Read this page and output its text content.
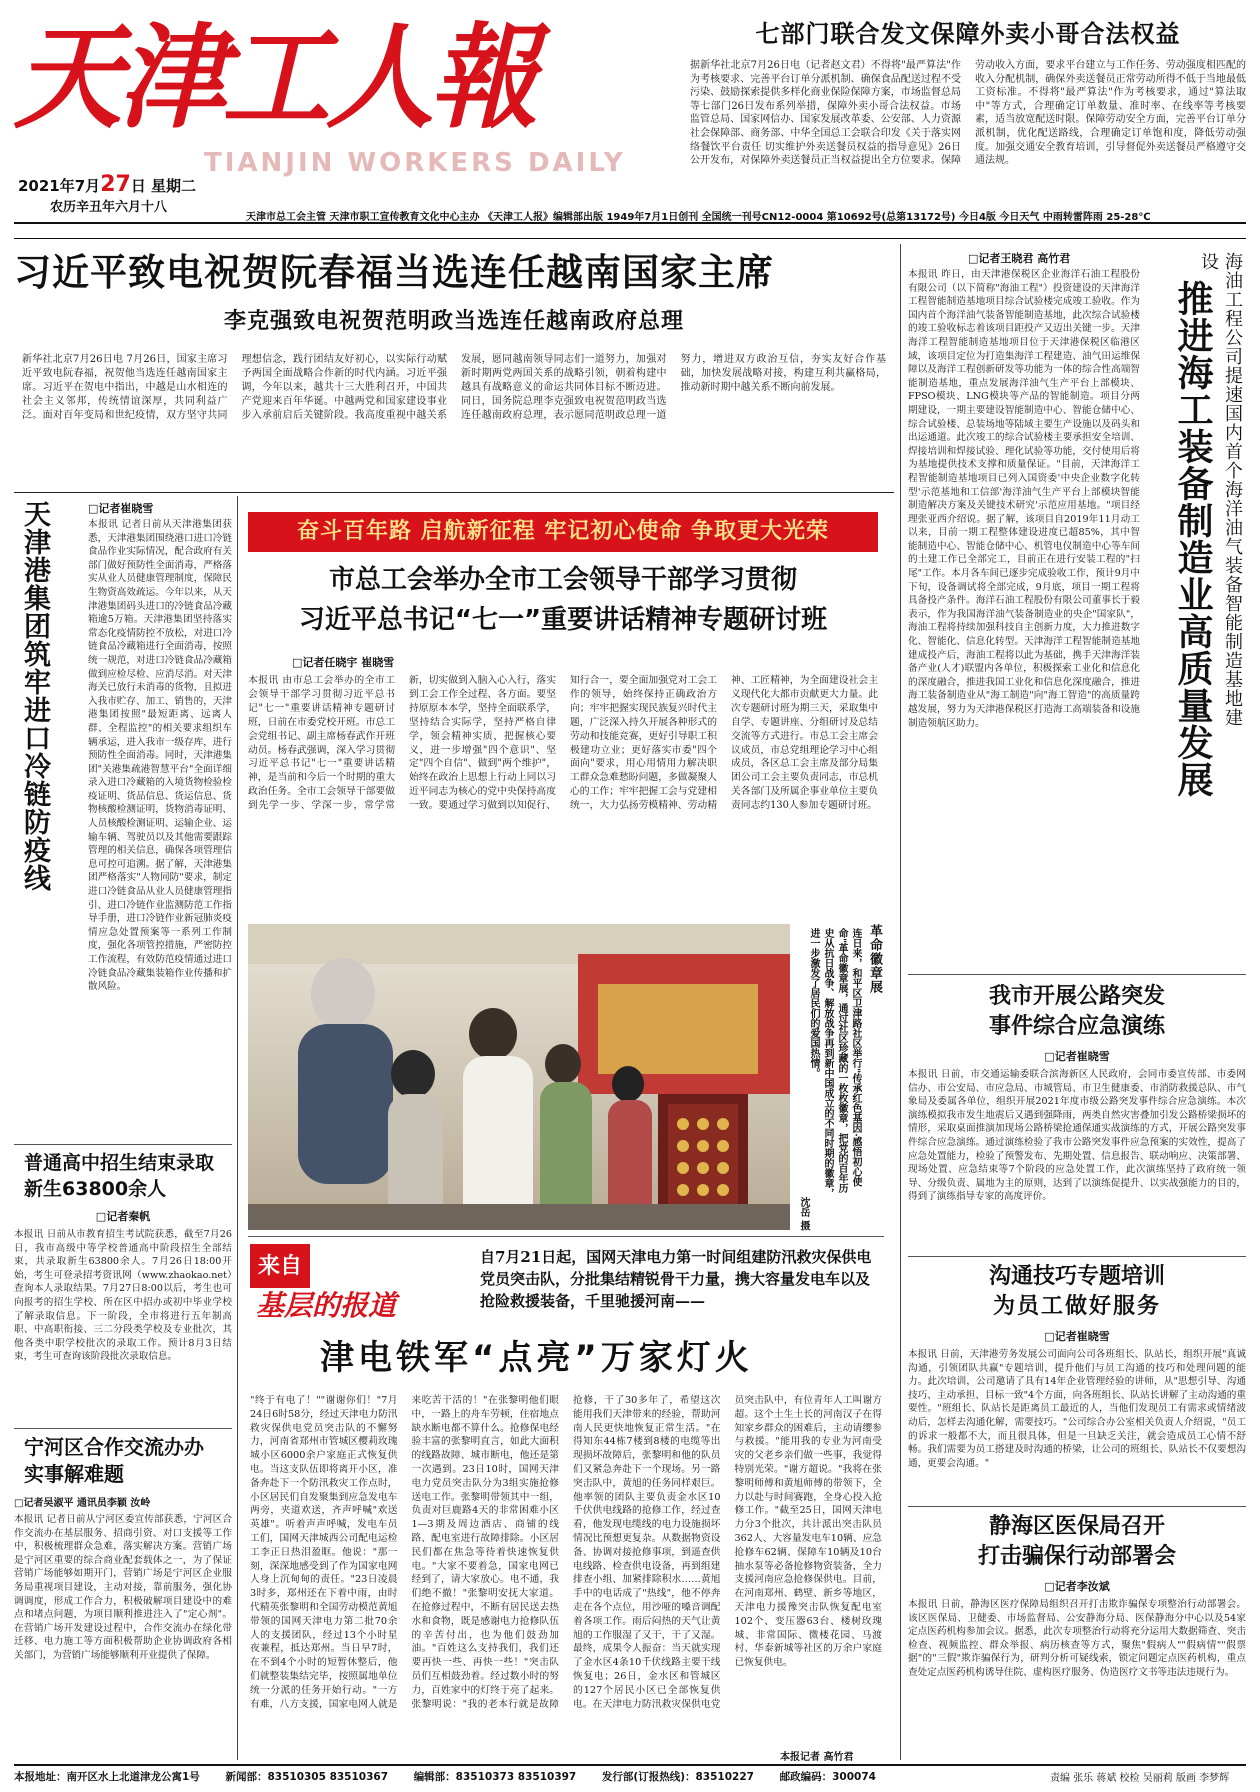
天津工人報
TIANJIN WORKERS DAILY
2021年7月27日 星期二
农历辛丑年六月十八
七部门联合发文保障外卖小哥合法权益
据新华社北京7月26日电（记者赵文君）不得将"最严算法"作为考核要求、完善平台订单分派机制、确保食品配送过程不受污染、鼓励探索提供多样化商业保险保障方案，市场监督总局等七部门26日发布系列举措，保障外卖小哥合法权益。市场监管总局、国家网信办、国家发展改革委、公安部、人力资源社会保障部、商务部、中华全国总工会联合印发《关于落实网络餐饮平台责任 切实维护外卖送餐员权益的指导意见》26日公开发布，对保障外卖送餐员正当权益提出全方位要求。保障劳动收入方面，要求平台建立与工作任务、劳动强度相匹配的收入分配机制，确保外卖送餐员正常劳动所得不低于当地最低工资标准。不得将"最严算法"作为考核要求，通过"算法取中"等方式，合理确定订单数量、准时率、在线率等考核要素，适当放宽配送时限。保障劳动安全方面，完善平台订单分派机制，优化配送路线，合理确定订单饱和度，降低劳动强度。加强交通安全教育培训，引导督促外卖送餐员严格遵守交通法规。
天津市总工会主管 天津市职工宣传教育文化中心主办 《天津工人报》编辑部出版 1949年7月1日创刊 全国统一刊号CN12-0004 第10692号(总第13172号) 今日4版 今日天气 中雨转雷阵雨 25-28℃
习近平致电祝贺阮春福当选连任越南国家主席
李克强致电祝贺范明政当选连任越南政府总理
新华社北京7月26日电 7月26日，国家主席习近平致电阮春福，祝贺他当选连任越南国家主席。习近平在贺电中指出，中越是山水相连的社会主义邻邦，传统情谊深厚，共同利益广泛。面对百年变局和世纪疫情，双方坚守共同理想信念，践行团结友好初心，以实际行动赋予两国全面战略合作新的时代内涵。习近平强调，今年以来，越共十三大胜利召开，中国共产党迎来百年华诞。中越两党和国家建设事业步入承前启后关键阶段。我高度重视中越关系发展，愿同越南领导同志们一道努力，加强对新时期两党两国关系的战略引领，朝着构建中越具有战略意义的命运共同体目标不断迈进。同日，国务院总理李克强致电祝贺范明政当选连任越南政府总理，表示愿同范明政总理一道努力，增进双方政治互信，夯实友好合作基础，加快发展战略对接，构建互利共赢格局，推动新时期中越关系不断向前发展。
天津港集团筑牢进口冷链防疫线	□记者崔晓雪
本报讯 记者日前从天津港集团获悉，天津港集团围绕港口进口冷链食品作业实际情况，配合政府有关部门做好预防性全面消毒，严格落实从业人员健康管理制度，保障民生物资高效疏运。今年以来，从天津港集团码头进口的冷链食品冷藏箱逾5万箱。天津港集团坚持落实常态化疫情防控不放松，对进口冷链食品冷藏箱进行全面消毒，按照统一规范，对进口冷链食品冷藏箱做到应检尽检、应消尽消。对天津海关已放行未消毒的货物，且拟进入我市贮存、加工、销售的，天津港集团按照"最短距离、远离人群、全程监控"的相关要求组织车辆承运，进入我市一级存库，进行预防性全面消毒。同时，天津港集团"关港集疏港智慧平台"全面详细录入进口冷藏箱的入境货物检验检疫证明、货品信息、货运信息、货物核酸检测证明，货物消毒证明、人员核酸检测证明、运输企业、运输车辆、驾驶员以及其他需要跟踪管理的相关信息，确保各项管理信息可控可追溯。据了解，天津港集团严格落实"人物同防"要求，制定进口冷链食品从业人员健康管理指引、进口冷链作业监测防范工作指导手册，进口冷链作业新冠肺炎疫情应急处置预案等一系列工作制度，强化各项管控措施，严密防控工作流程，有效防范疫情通过进口冷链食品冷藏集装箱作业传播和扩散风险。
普通高中招生结束录取新生63800余人
□记者秦帆
本报讯 日前从市教育招生考试院获悉，截至7月26日，我市高级中等学校普通高中阶段招生全部结束，共录取新生63800余人。7月26日18:00开始，考生可登录招考资讯网（www.zhaokao.net）查询本人录取结果。7月27日8:00以后，考生也可向报考的招生学校、所在区中招办或初中毕业学校了解录取信息。下一阶段，全市将进行五年制高职、中高职衔接、三二分段类学校及专业批次，其他各类中职学校批次的录取工作。预计8月3日结束，考生可查询该阶段批次录取信息。
宁河区合作交流办办实事解难题
□记者吴淑平 通讯员李颖 汝岭
本报讯 记者日前从宁河区委宣传部获悉，宁河区合作交流办在基层服务、招商引资、对口支援等工作中，积极梳理群众急难，落实解决方案。营销广场是宁河区重要的综合商业配套载体之一，为了保证营销广场能够如期开门，营销广场是宁河区企业服务局重视项目建设，主动对接，靠前服务，强化协调调度，形成工作合力，积极破解项目建设中的难点和堵点问题，为项目顺利推进注入了"定心剂"。在营销广场开发建设过程中，合作交流办在绿化带迁移、电力施工等方面积极帮助企业协调政府各相关部门，为营销广场能够顺利开业提供了保障。
奋斗百年路 启航新征程 牢记初心使命 争取更大光荣
市总工会举办全市工会领导干部学习贯彻
习近平总书记“七一”重要讲话精神专题研讨班
□记者任晓宇 崔晓雪
本报讯 由市总工会举办的全市工会领导干部学习贯彻习近平总书记"七一"重要讲话精神专题研讨班，日前在市委党校开班。市总工会党组书记、副主席杨春武作开班动员。杨春武强调，深入学习贯彻习近平总书记"七一"重要讲话精神，是当前和今后一个时期的重大政治任务。全市工会领导干部要做到先学一步、学深一步，常学常新，切实做到入脑入心入行，落实到工会工作全过程、各方面。要坚持原原本本学，坚持全面联系学，坚持结合实际学，坚持严格自律学，领会精神实质，把握核心要义，进一步增强"四个意识"、坚定"四个自信"、做到"两个维护"，始终在政治上思想上行动上同以习近平同志为核心的党中央保持高度一致。要通过学习做到以知促行、知行合一，要全面加强党对工会工作的领导，始终保持正确政治方向；牢牢把握实现民族复兴时代主题，广泛深入持久开展各种形式的劳动和技能竞赛，更好引导职工积极建功立业；更好落实市委"四个面向"要求，用心用情用力解决职工群众急难愁盼问题，多做凝聚人心的工作；牢牢把握工会与党建相统一，大力弘扬劳模精神、劳动精神、工匠精神，为全面建设社会主义现代化大都市贡献更大力量。此次专题研讨班为期三天，采取集中自学、专题讲座、分组研讨及总结交流等方式进行。市总工会主席会议成员，市总党组理论学习中心组成员，各区总工会主席及部分局集团公司工会主要负责同志，市总机关各部门及所属企事业单位主要负责同志约130人参加专题研讨班。
革命徽章展
连日来，和平区卫津路社区举行"传承红色基因·感悟初心使命"革命徽章展，通过社区珍藏的一枚枚徽章，把党的百年历史从抗日战争、解放战争再到新中国成立的不同时期的徽章，进一步激发了居民们的爱国热情。
沈岳 摄
来自
基层的报道
自7月21日起，国网天津电力第一时间组建防汛救灾保供电党员突击队，分批集结精锐骨干力量，携大容量发电车以及抢险救援装备，千里驰援河南——
津电铁军“点亮”万家灯火
"终于有电了！""谢谢你们！"7月24日6时58分，经过天津电力防汛救灾保供电党员突击队的不懈努力，河南省郑州市管城区樱莉玫瑰城小区6000余户家庭正式恢复供电。当这支队伍即将离开小区，准备奔赴下一个防汛救灾工作点时，小区居民们自发聚集到应急发电车两旁，夹道欢送，齐声呼喊"欢送英雄"。听着声声呼喊，发电车员工们，国网天津城西公司配电运检工李正日热泪盈眶。他说："那一刻，深深地感受到了作为国家电网人身上沉甸甸的责任。"23日凌晨3时多，郑州还在下着中雨，由时代精英张黎明和全国劳动模范黄旭带领的国网天津电力第二批70余人的支援团队，经过13个小时星夜兼程，抵达郑州。当日早7时，在不到4个小时的短暂休整后，他们就整装集结完毕，按照属地单位统一分派的任务开始行动。"一方有难，八方支援，国家电网人就是来吃苦干活的！"在张黎明他们眼中，一路上的舟车劳顿，住宿地点缺水断电都不算什么。抢修保电经验丰富的张黎明直言，如此大面积的线路故障、城市断电，他还是第一次遇到。23日10时，国网天津电力党员突击队分为3组实施抢修送电工作。张黎明带领其中一组，负责对巨鹿路4天的非常困难小区1—3期及周边酒店、商铺的线路、配电室进行故障排除。小区居民们都在焦急等待着快速恢复供电。"大家不要着急，国家电网已经到了，请大家放心。电不通，我们绝不撤！"张黎明安抚大家道。在抢修过程中，不断有居民送去热水和食物，既是感谢电力抢修队伍的辛苦付出，也为他们鼓劲加油。"百姓这么支持我们，我们还要再快一些、再快一些！"突击队员们互相鼓劲着。经过数小时的努力，百姓家中的灯终于亮了起来。张黎明说："我的老本行就是故障抢修，干了30多年了，希望这次能用我们天津带来的经验，帮助河南人民更快地恢复正常生活。"在得知东44栋7楼到8楼的电缆等出现损坏故障后，张黎明和他的队员们又紧急奔赴下一个现场。另一路突击队中，黄旭的任务同样艰巨。他率领的团队主要负责金水区10千伏供电线路的抢修工作，经过查看，他发现电缆线的电力设施损坏情况比预想更复杂。从数据物资设备、协调对接抢修事项，到遥查供电线路、检查供电设备，再到组建排查小组、加紧排除积水……黄旭手中的电话成了"热线"，他不停奔走在各个点位，用沙哑的嗓音调配着各项工作。雨后闷热的天气让黄旭的工作服湿了又干，干了又湿。最终，成果令人振奋：当天就实现了金水区4条10千伏线路主要干线恢复电；26日，金水区和管城区的127个居民小区已全部恢复供电。在天津电力防汛救灾保供电党员突击队中，有位青年人工叫谢方超。这个土生土长的河南汉子在得知家乡群众的困难后，主动请缨参与救援。"能用我的专业为河南受灾的父老乡亲们做一些事，我觉得特别光荣。"谢方超说。"我将在张黎明师傅和黄旭师傅的带领下，全力以赴与时间赛跑，全身心投入抢修工作。"截至25日，国网天津电力分3个批次，共计派出突击队员362人、大容量发电车10辆、应急抢修车62辆、保障车10辆及10台抽水泵等必备抢修物资装备，全力支援河南应急抢修保供电。目前，在河南郑州、鹤壁、新乡等地区，天津电力援豫突击队恢复配电室102个、变压器63台、楼树玫瑰城、非常国际、微楼花园、马渡村、华泰新城等社区的万余户家庭已恢复供电。
本报记者 高竹君
海油工程公司提速国内首个海洋油气装备智能制造基地建设
推进海工装备制造业高质量发展
□记者王晓君 高竹君
本报讯 昨日，由天津港保税区企业海洋石油工程股份有限公司（以下简称"海油工程"）投资建设的天津海洋工程智能制造基地项目综合试验楼完成竣工验收。作为国内首个海洋油气装备智能制造基地，此次综合试验楼的竣工验收标志着该项目距投产又迈出关键一步。天津海洋工程智能制造基地项目位于天津港保税区临港区域，该项目定位为打造集海洋工程建造、油气田运维保障以及海洋工程创新研发等功能为一体的综合性高端智能制造基地，重点发展海洋油气生产平台上部模块、FPSO模块、LNG模块等产品的智能制造。项目分两期建设，一期主要建设智能制造中心、智能仓储中心、综合试验楼、总装场地等陆域主要生产设施以及码头和出运通道。此次竣工的综合试验楼主要承担安全培训、焊接培训和焊接试验、理化试验等功能，交付使用后将为基地提供技术支撑和质量保证。"目前，天津海洋工程智能制造基地项目已列入国资委'中央企业数字化转型'示范基地和工信部'海洋油气生产平台上部模块智能制造解决方案及关键技术研究'示范应用基地。"项目经理张亚西介绍说。据了解，该项目自2019年11月动工以来，目前一期工程整体建设进度已超85%，其中智能制造中心、智能仓储中心、机管电仪制造中心等车间的土建工作已全部完工，目前正在进行安装工程的"扫尾"工作。本月各车间已逐步完成验收工作，预计9月中下旬，设备调试将全部完成，9月底，项目一期工程将具备投产条件。海洋石油工程股份有限公司董事长于毅表示，作为我国海洋油气装备制造业的央企"国家队"，海油工程将持续加强科技自主创新力度，大力推进数字化、智能化、信息化转型。天津海洋工程智能制造基地建成投产后，海油工程将以此为基础，携手天津海洋装备产业(人才)联盟内各单位，积极探索工业化和信息化的深度融合，推进我国工业化和信息化深度融合，推进海工装备制造业从"海工制造"向"海工智造"的高质量跨越发展，努力为天津港保税区打造海工高端装备和设施制造领航区助力。
我市开展公路突发
事件综合应急演练
□记者崔晓雪
本报讯 日前，市交通运输委联合滨海新区人民政府，会同市委宣传部、市委网信办、市公安局、市应急局、市城管局、市卫生健康委、市消防救援总队、市气象局及委属各单位，组织开展2021年度市级公路突发事件综合应急演练。本次演练模拟我市发生地震后又遇到强降雨，两类自然灾害叠加引发公路桥梁损坏的情形，采取桌面推演加现场公路桥梁抢通保通实战演练的方式，开展公路突发事件综合应急演练。通过演练检验了我市公路突发事件应急预案的实效性，提高了应急处置能力，检验了预警发布、先期处置、信息报告、联动响应、决策部署、现场处置、应急结束等7个阶段的应急处置工作，此次演练坚持了政府统一领导、分级负责、属地为主的原则，达到了以演练促提升、以实战强能力的目的，得到了演练指导专家的高度评价。
沟通技巧专题培训
为员工做好服务
□记者崔晓雪
本报讯 日前，天津港劳务发展公司面向公司各班组长、队站长，组织开展"真诚沟通，引领团队共赢"专题培训，提升他们与员工沟通的技巧和处理问题的能力。此次培训，公司邀请了具有14年企业管理经验的讲师，从"思想引导、沟通技巧、主动承担、目标一致"4个方面，向各班组长、队站长讲解了主动沟通的重要性。"班组长、队站长是距离员工最近的人，当他们发现员工有需求或情绪波动后，怎样去沟通化解，需要技巧。"公司综合办公室相关负责人介绍说，"员工的诉求一般都不大，而且很具体，但是一旦缺乏关注，就会造成员工心情不舒畅。我们需要为员工搭建及时沟通的桥梁，让公司的班组长、队站长不仅要想沟通，更要会沟通。"
静海区医保局召开
打击骗保行动部署会
□记者李汝斌
本报讯 日前，静海区医疗保障局组织召开打击欺诈骗保专项整治行动部署会。该区医保局、卫健委、市场监督局、公安静海分局、医保静海分中心以及54家定点医药机构参加会议。据悉，此次专项整治行动将充分运用大数据筛查、突击检查、视频监控、群众举报、病历核查等方式，聚焦"假病人""假病情""假票据"的"三假"欺诈骗保行为，研判分析可疑线索，锁定问题定点医药机构，重点查处定点医药机构诱导住院、虚构医疗服务、伪造医疗文书等违法违规行为。
本报地址：南开区水上北道津龙公寓1号 新闻部：83510305 83510367 编辑部：83510373 83510397 发行部(订报热线)：83510227 邮政编码：300074	责编 张乐 蒋斌 校检 吴丽莉 版画 李梦辉
